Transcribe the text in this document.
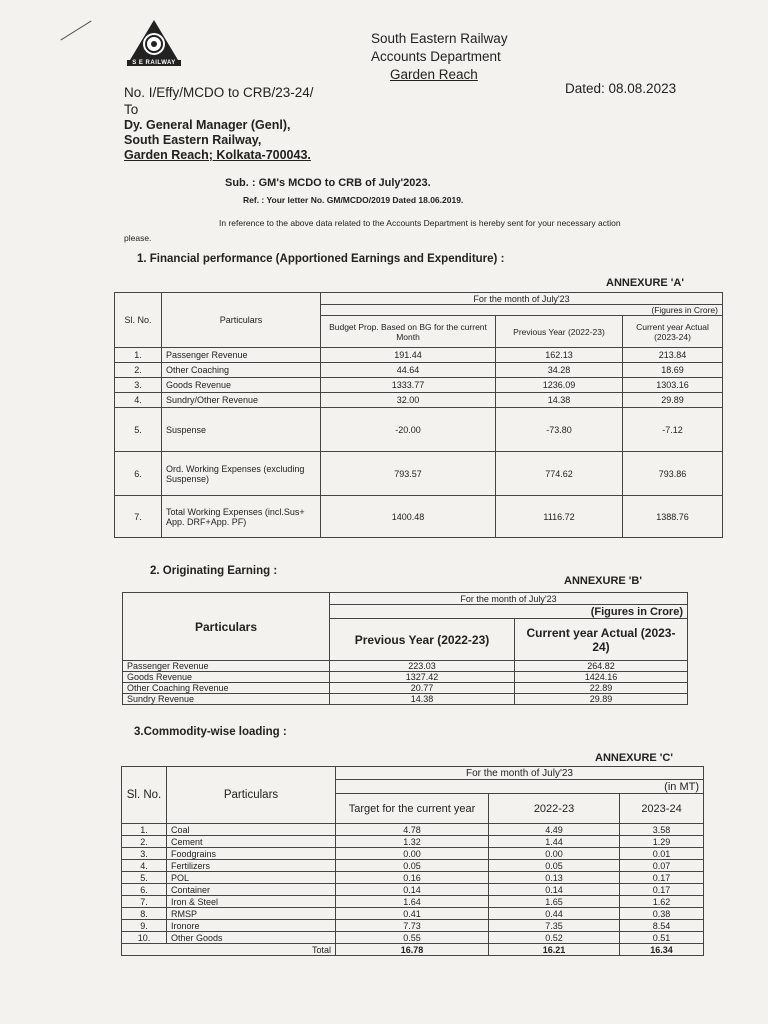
S E RAILWAY
South Eastern Railway
Accounts Department
Garden Reach
No. I/Effy/MCDO to CRB/23-24/	Dated: 08.08.2023
To
Dy. General Manager (Genl),
South Eastern Railway,
Garden Reach; Kolkata-700043.
Sub. : GM's MCDO to CRB of July'2023.
Ref. : Your letter No. GM/MCDO/2019 Dated 18.06.2019.
In reference to the above data related to the Accounts Department is hereby sent for your necessary action
please.
1. Financial performance (Apportioned Earnings and Expenditure) :
ANNEXURE 'A'
Sl. No.	Particulars	For the month of July'23		
		(Figures in Crore)		
		Budget Prop. Based on BG for the current Month	Previous Year (2022-23)	Current year Actual (2023-24)
1.	Passenger Revenue	191.44	162.13	213.84
2.	Other Coaching	44.64	34.28	18.69
3.	Goods Revenue	1333.77	1236.09	1303.16
4.	Sundry/Other Revenue	32.00	14.38	29.89
5.	Suspense	-20.00	-73.80	-7.12
6.	Ord. Working Expenses (excluding Suspense)	793.57	774.62	793.86
7.	Total Working Expenses (incl.Sus+ App. DRF+App. PF)	1400.48	1116.72	1388.76
2. Originating Earning :
ANNEXURE 'B'
Particulars	For the month of July'23	
	(Figures in Crore)	
	Previous Year (2022-23)	Current year Actual (2023-24)
Passenger Revenue	223.03	264.82
Goods Revenue	1327.42	1424.16
Other Coaching Revenue	20.77	22.89
Sundry Revenue	14.38	29.89
3.Commodity-wise loading :
ANNEXURE 'C'
Sl. No.	Particulars	For the month of July'23		
		(in MT)		
		Target for the current year	2022-23	2023-24
1.	Coal	4.78	4.49	3.58
2.	Cement	1.32	1.44	1.29
3.	Foodgrains	0.00	0.00	0.01
4.	Fertilizers	0.05	0.05	0.07
5.	POL	0.16	0.13	0.17
6.	Container	0.14	0.14	0.17
7.	Iron & Steel	1.64	1.65	1.62
8.	RMSP	0.41	0.44	0.38
9.	Ironore	7.73	7.35	8.54
10.	Other Goods	0.55	0.52	0.51
Total		16.78	16.21	16.34
